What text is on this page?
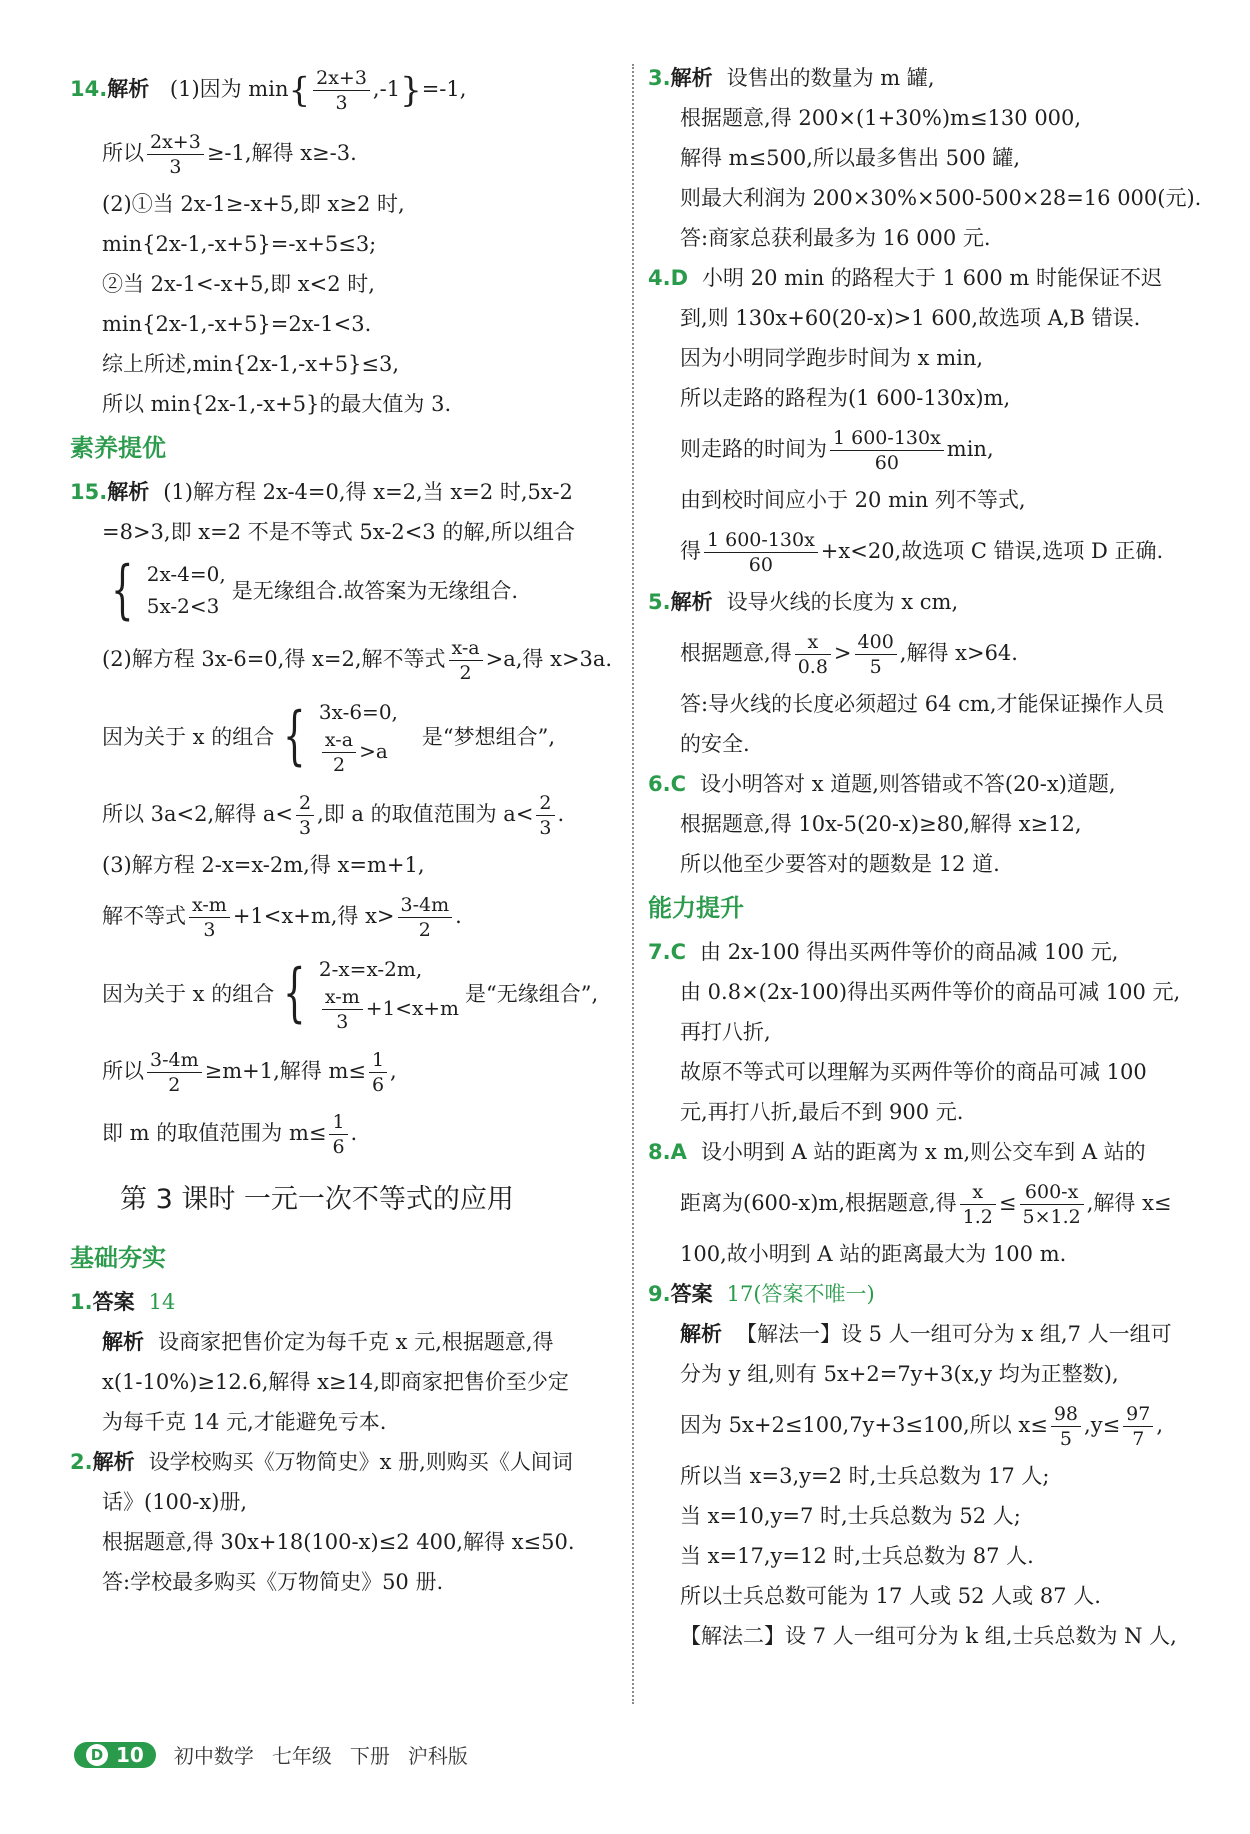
14.解析 (1)因为 $\min\{ \frac{2x+3}{3} ,-1\}=-1$,
所以 $\frac{2x+3}{3} \ge-1$,解得 x≥-3.
(2)①当 2x-1≥-x+5,即 x≥2 时,
min{2x-1,-x+5}=-x+5≤3;
②当 2x-1<-x+5,即 x<2 时,
min{2x-1,-x+5}=2x-1<3.
综上所述,min{2x-1,-x+5}≤3,
所以 min{2x-1,-x+5}的最大值为 3.
素养提优
15.解析 (1)解方程 2x-4=0,得 x=2,当 x=2 时,5x-2
=8>3,即 x=2 不是不等式 5x-2<3 的解,所以组合
{ 2x-4=0,
5x-2<3
是无缘组合.故答案为无缘组合.
(2)解方程 3x-6=0,得 x=2,解不等式 $\frac{x-a}{2} >a$,得 x>3a.
因为关于 x 的组合 { 3x-6=0,
$\frac{x-a}{2} >a$
是“梦想组合”,
所以 3a<2,解得 $a< \frac{2}{3}$ ,即 a 的取值范围为 $a< \frac{2}{3}$ .
(3)解方程 2-x=x-2m,得 x=m+1,
解不等式 $\frac{x-m}{3} +1<x+m$,得 $x> \frac{3-4m}{2}$ .
因为关于 x 的组合 { 2-x=x-2m,
$\frac{x-m}{3} +1<x+m$
是“无缘组合”,
所以 $\frac{3-4m}{2} \ge m+1$,解得 $m\le \frac{1}{6}$ ,
即 m 的取值范围为 $m\le \frac{1}{6}$ .
第 3 课时 一元一次不等式的应用
基础夯实
1.答案 14
解析 设商家把售价定为每千克 x 元,根据题意,得
x(1-10%)≥12.6,解得 x≥14,即商家把售价至少定
为每千克 14 元,才能避免亏本.
2.解析 设学校购买《万物简史》x 册,则购买《人间词
话》(100-x)册,
根据题意,得 30x+18(100-x)≤2 400,解得 x≤50.
答:学校最多购买《万物简史》50 册.
3.解析 设售出的数量为 m 罐,
根据题意,得 200×(1+30%)m≤130 000,
解得 m≤500,所以最多售出 500 罐,
则最大利润为 200×30%×500-500×28=16 000(元).
答:商家总获利最多为 16 000 元.
4.D 小明 20 min 的路程大于 1 600 m 时能保证不迟
到,则 130x+60(20-x)>1 600,故选项 A,B 错误.
因为小明同学跑步时间为 x min,
所以走路的路程为(1 600-130x)m,
则走路的时间为 $\frac{1 600-130x}{60} \min$,
由到校时间应小于 20 min 列不等式,
得 $\frac{1 600-130x}{60} +x<20$,故选项 C 错误,选项 D 正确.
5.解析 设导火线的长度为 x cm,
根据题意,得 $\frac{x}{0.8} > \frac{400}{5}$ ,解得 x>64.
答:导火线的长度必须超过 64 cm,才能保证操作人员
的安全.
6.C 设小明答对 x 道题,则答错或不答(20-x)道题,
根据题意,得 10x-5(20-x)≥80,解得 x≥12,
所以他至少要答对的题数是 12 道.
能力提升
7.C 由 2x-100 得出买两件等价的商品减 100 元,
由 0.8×(2x-100)得出买两件等价的商品可减 100 元,
再打八折,
故原不等式可以理解为买两件等价的商品可减 100
元,再打八折,最后不到 900 元.
8.A 设小明到 A 站的距离为 x m,则公交车到 A 站的
距离为(600-x)m,根据题意,得 $\frac{x}{1.2} \le \frac{600-x}{5\times 1.2}$ ,解得 x≤
100,故小明到 A 站的距离最大为 100 m.
9.答案 17(答案不唯一)
解析 【解法一】设 5 人一组可分为 x 组,7 人一组可
分为 y 组,则有 5x+2=7y+3(x,y 均为正整数),
因为 5x+2≤100,7y+3≤100,所以 $x\le \frac{98}{5} ,y\le \frac{97}{7}$ ,
所以当 x=3,y=2 时,士兵总数为 17 人;
当 x=10,y=7 时,士兵总数为 52 人;
当 x=17,y=12 时,士兵总数为 87 人.
所以士兵总数可能为 17 人或 52 人或 87 人.
【解法二】设 7 人一组可分为 k 组,士兵总数为 N 人,
D 10 初中数学 七年级 下册 沪科版
